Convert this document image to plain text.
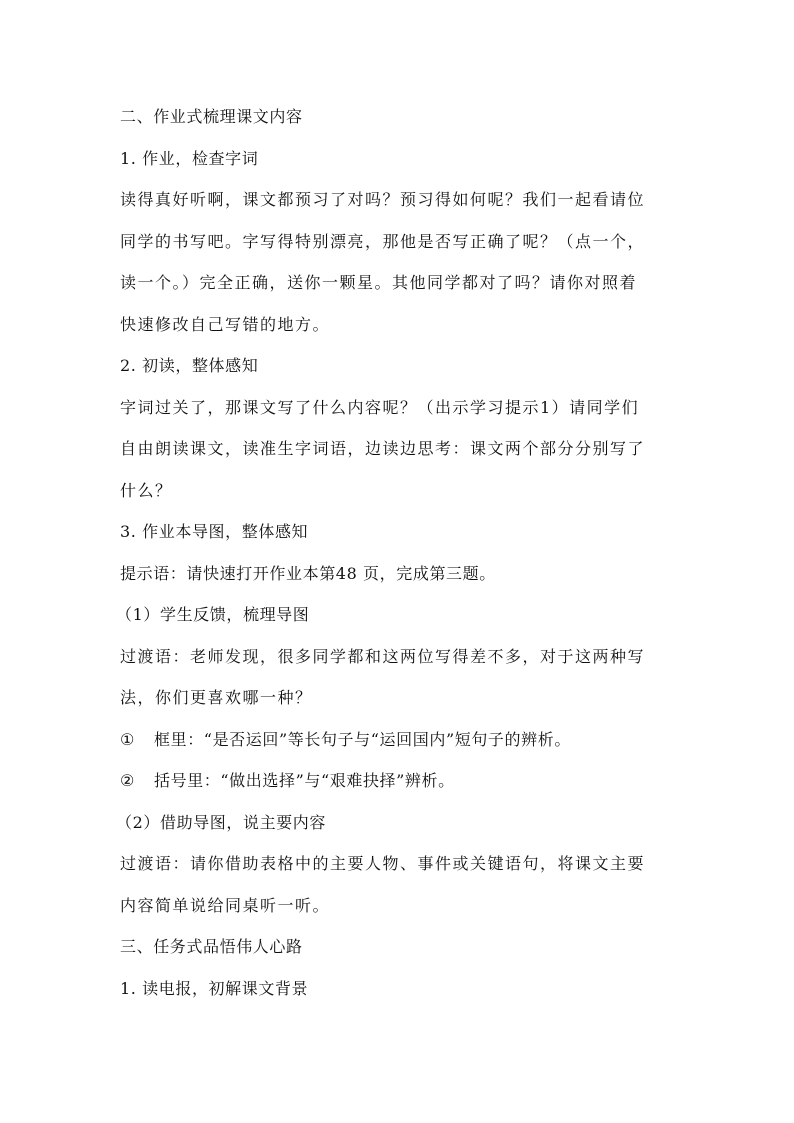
二、作业式梳理课文内容

1. 作业，检查字词

读得真好听啊，课文都预习了对吗？预习得如何呢？我们一起看请位

同学的书写吧。字写得特别漂亮，那他是否写正确了呢？（点一个，

读一个。）完全正确，送你一颗星。其他同学都对了吗？请你对照着

快速修改自己写错的地方。

2. 初读，整体感知

字词过关了，那课文写了什么内容呢？（出示学习提示1）请同学们

自由朗读课文，读准生字词语，边读边思考：课文两个部分分别写了

什么？

3. 作业本导图，整体感知

提示语：请快速打开作业本第48 页，完成第三题。

（1）学生反馈，梳理导图

过渡语：老师发现，很多同学都和这两位写得差不多，对于这两种写

法，你们更喜欢哪一种？

① 框里：“是否运回”等长句子与“运回国内”短句子的辨析。

② 括号里：“做出选择”与“艰难抉择”辨析。

（2）借助导图，说主要内容

过渡语：请你借助表格中的主要人物、事件或关键语句，将课文主要

内容简单说给同桌听一听。

三、任务式品悟伟人心路

1. 读电报，初解课文背景
